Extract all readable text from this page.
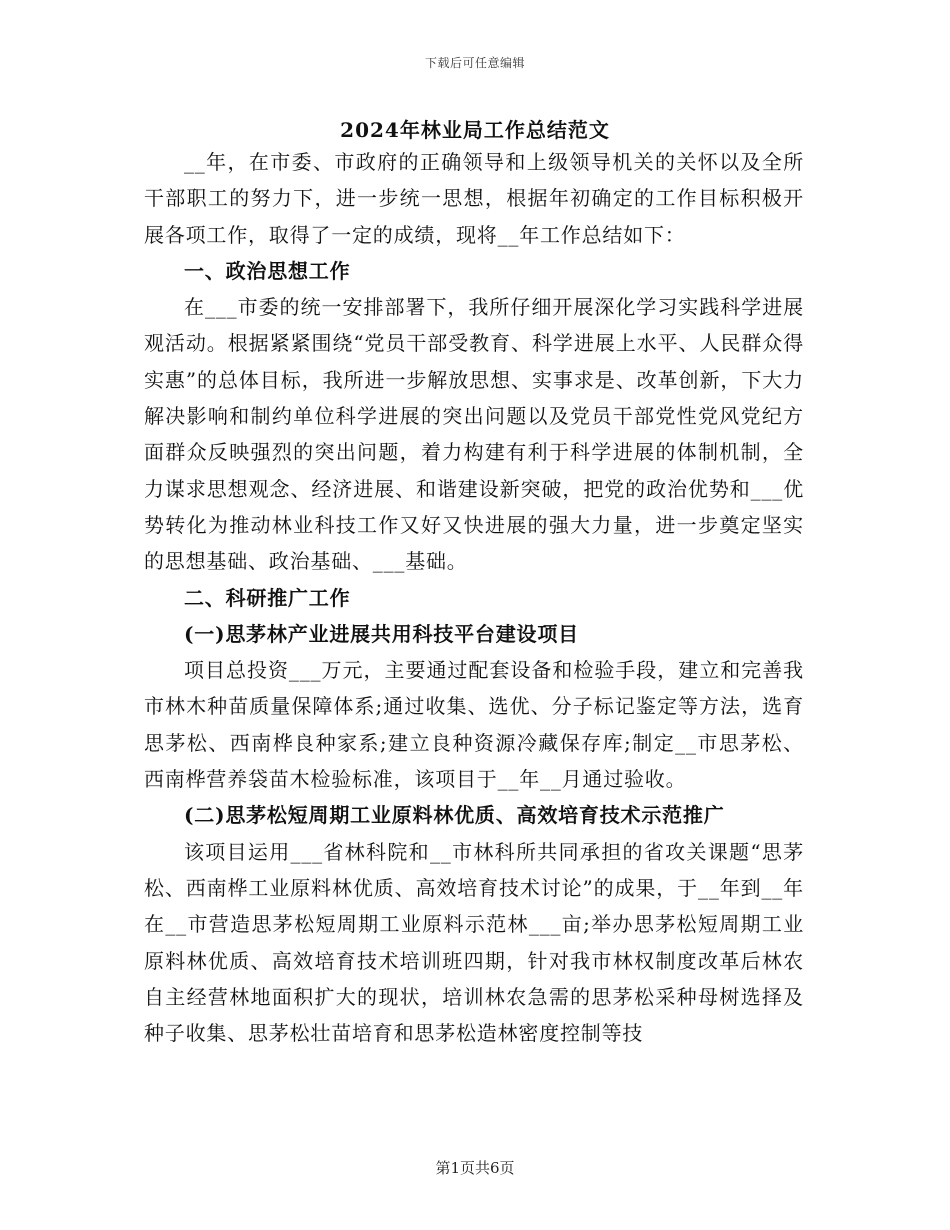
下载后可任意编辑
2024年林业局工作总结范文

__年，在市委、市政府的正确领导和上级领导机关的关怀以及全所干部职工的努力下，进一步统一思想，根据年初确定的工作目标积极开展各项工作，取得了一定的成绩，现将__年工作总结如下：

一、政治思想工作

在___市委的统一安排部署下，我所仔细开展深化学习实践科学进展观活动。根据紧紧围绕“党员干部受教育、科学进展上水平、人民群众得实惠”的总体目标，我所进一步解放思想、实事求是、改革创新，下大力解决影响和制约单位科学进展的突出问题以及党员干部党性党风党纪方面群众反映强烈的突出问题，着力构建有利于科学进展的体制机制，全力谋求思想观念、经济进展、和谐建设新突破，把党的政治优势和___优势转化为推动林业科技工作又好又快进展的强大力量，进一步奠定坚实的思想基础、政治基础、___基础。

二、科研推广工作

(一)思茅林产业进展共用科技平台建设项目

项目总投资___万元，主要通过配套设备和检验手段，建立和完善我市林木种苗质量保障体系;通过收集、选优、分子标记鉴定等方法，选育思茅松、西南桦良种家系;建立良种资源冷藏保存库;制定__市思茅松、西南桦营养袋苗木检验标准，该项目于__年__月通过验收。

(二)思茅松短周期工业原料林优质、高效培育技术示范推广

该项目运用___省林科院和__市林科所共同承担的省攻关课题“思茅松、西南桦工业原料林优质、高效培育技术讨论”的成果，于__年到__年在__市营造思茅松短周期工业原料示范林___亩;举办思茅松短周期工业原料林优质、高效培育技术培训班四期，针对我市林权制度改革后林农自主经营林地面积扩大的现状，培训林农急需的思茅松采种母树选择及种子收集、思茅松壮苗培育和思茅松造林密度控制等技

第1页共6页
